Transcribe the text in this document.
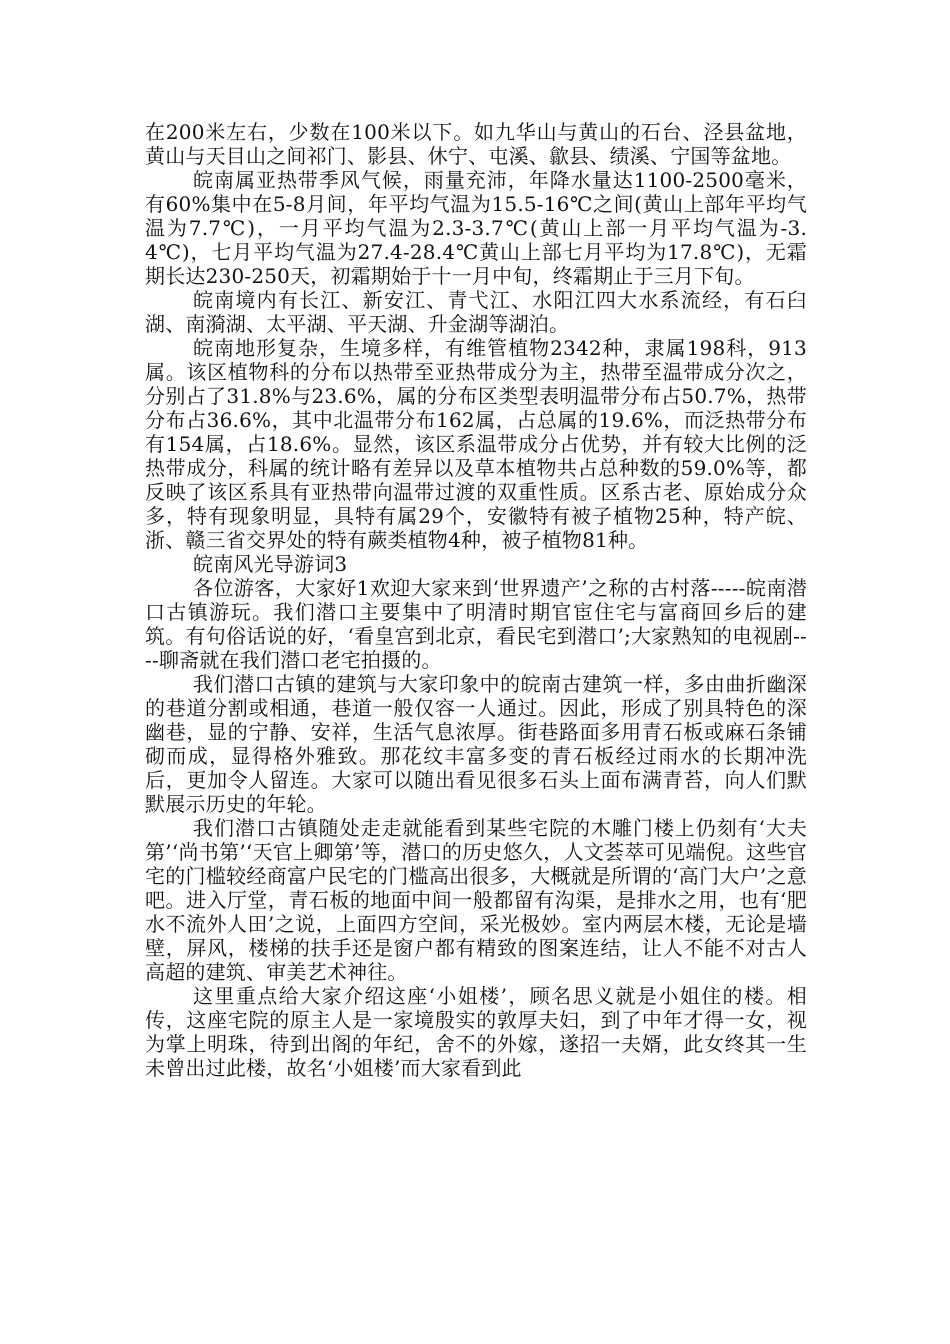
在200米左右，少数在100米以下。如九华山与黄山的石台、泾县盆地，黄山与天目山之间祁门、影县、休宁、屯溪、歙县、绩溪、宁国等盆地。

皖南属亚热带季风气候，雨量充沛，年降水量达1100-2500毫米，有60%集中在5-8月间，年平均气温为15.5-16℃之间(黄山上部年平均气温为7.7℃)，一月平均气温为2.3-3.7℃(黄山上部一月平均气温为-3.4℃)，七月平均气温为27.4-28.4℃黄山上部七月平均为17.8℃)，无霜期长达230-250天，初霜期始于十一月中旬，终霜期止于三月下旬。

皖南境内有长江、新安江、青弋江、水阳江四大水系流经，有石臼湖、南漪湖、太平湖、平天湖、升金湖等湖泊。

皖南地形复杂，生境多样，有维管植物2342种，隶属198科，913属。该区植物科的分布以热带至亚热带成分为主，热带至温带成分次之，分别占了31.8%与23.6%，属的分布区类型表明温带分布占50.7%，热带分布占36.6%，其中北温带分布162属，占总属的19.6%，而泛热带分布有154属，占18.6%。显然，该区系温带成分占优势，并有较大比例的泛热带成分，科属的统计略有差异以及草本植物共占总种数的59.0%等，都反映了该区系具有亚热带向温带过渡的双重性质。区系古老、原始成分众多，特有现象明显，具特有属29个，安徽特有被子植物25种，特产皖、浙、赣三省交界处的特有蕨类植物4种，被子植物81种。

皖南风光导游词3

各位游客，大家好1欢迎大家来到‘世界遗产’之称的古村落-----皖南潜口古镇游玩。我们潜口主要集中了明清时期官宦住宅与富商回乡后的建筑。有句俗话说的好，‘看皇宫到北京，看民宅到潜口’;大家熟知的电视剧----聊斋就在我们潜口老宅拍摄的。

我们潜口古镇的建筑与大家印象中的皖南古建筑一样，多由曲折幽深的巷道分割或相通，巷道一般仅容一人通过。因此，形成了别具特色的深幽巷，显的宁静、安祥，生活气息浓厚。街巷路面多用青石板或麻石条铺砌而成，显得格外雅致。那花纹丰富多变的青石板经过雨水的长期冲洗后，更加令人留连。大家可以随出看见很多石头上面布满青苔，向人们默默展示历史的年轮。

我们潜口古镇随处走走就能看到某些宅院的木雕门楼上仍刻有‘大夫第’‘尚书第’‘天官上卿第’等，潜口的历史悠久，人文荟萃可见端倪。这些官宅的门槛较经商富户民宅的门槛高出很多，大概就是所谓的‘高门大户’之意吧。进入厅堂，青石板的地面中间一般都留有沟渠，是排水之用，也有‘肥水不流外人田’之说，上面四方空间，采光极妙。室内两层木楼，无论是墙壁，屏风，楼梯的扶手还是窗户都有精致的图案连结，让人不能不对古人高超的建筑、审美艺术神往。

这里重点给大家介绍这座‘小姐楼’，顾名思义就是小姐住的楼。相传，这座宅院的原主人是一家境殷实的敦厚夫妇，到了中年才得一女，视为掌上明珠，待到出阁的年纪，舍不的外嫁，遂招一夫婿，此女终其一生未曾出过此楼，故名‘小姐楼’而大家看到此
